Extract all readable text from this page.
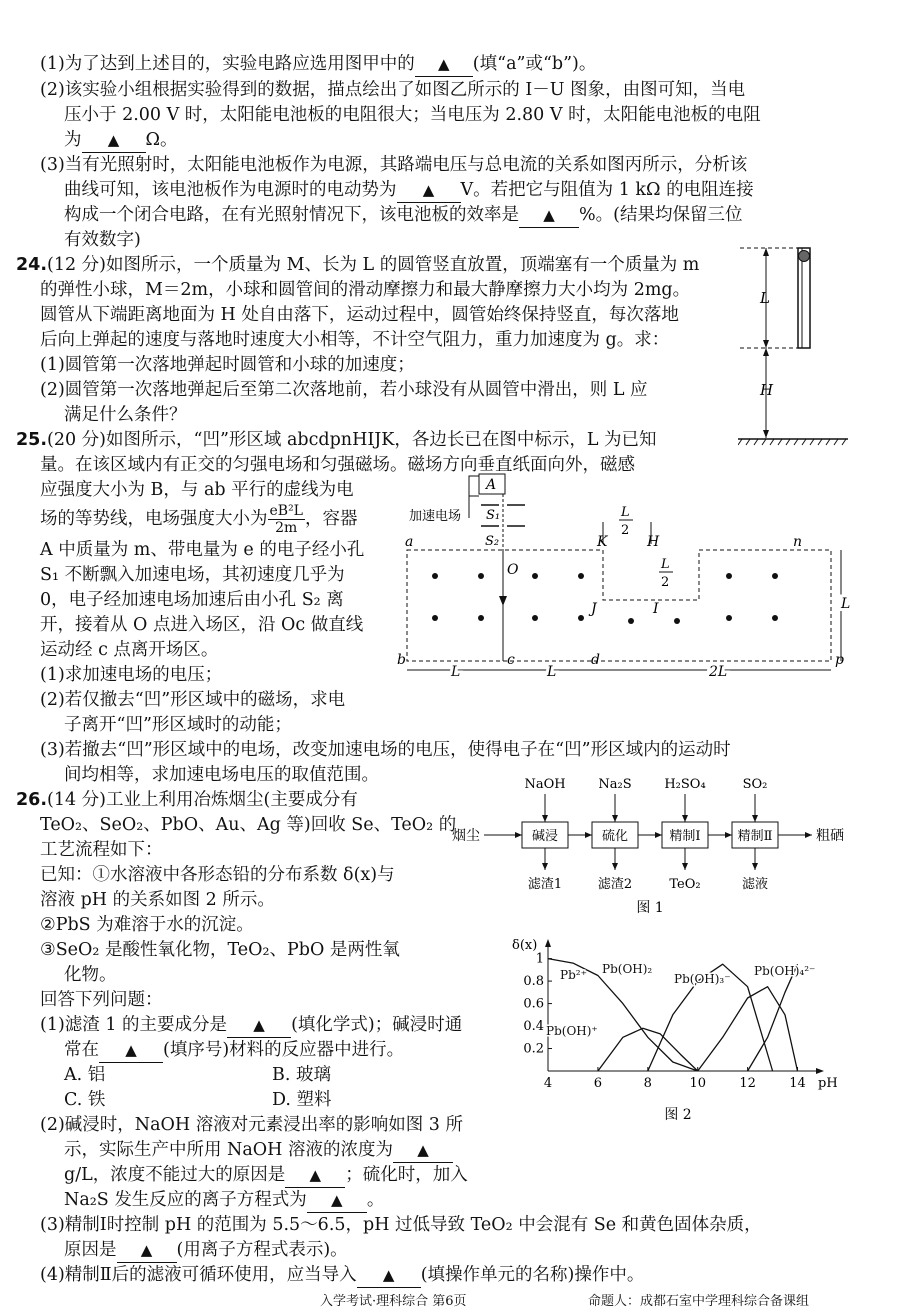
(1)为了达到上述目的，实验电路应选用图甲中的 ▲ (填“a”或“b”)。
(2)该实验小组根据实验得到的数据，描点绘出了如图乙所示的 I－U 图象，由图可知，当电
压小于 2.00 V 时，太阳能电池板的电阻很大；当电压为 2.80 V 时，太阳能电池板的电阻
为 ▲ Ω。
(3)当有光照射时，太阳能电池板作为电源，其路端电压与总电流的关系如图丙所示，分析该
曲线可知，该电池板作为电源时的电动势为 ▲ V。若把它与阻值为 1 kΩ 的电阻连接
构成一个闭合电路，在有光照射情况下，该电池板的效率是 ▲ %。(结果均保留三位
有效数字)
24.(12 分)如图所示，一个质量为 M、长为 L 的圆管竖直放置，顶端塞有一个质量为 m
的弹性小球，M＝2m，小球和圆管间的滑动摩擦力和最大静摩擦力大小均为 2mg。
圆管从下端距离地面为 H 处自由落下，运动过程中，圆管始终保持竖直，每次落地
后向上弹起的速度与落地时速度大小相等，不计空气阻力，重力加速度为 g。求：
(1)圆管第一次落地弹起时圆管和小球的加速度；
(2)圆管第一次落地弹起后至第二次落地前，若小球没有从圆管中滑出，则 L 应
满足什么条件？
25.(20 分)如图所示，“凹”形区域 abcdpnHIJK，各边长已在图中标示，L 为已知
量。在该区域内有正交的匀强电场和匀强磁场。磁场方向垂直纸面向外，磁感
应强度大小为 B，与 ab 平行的虚线为电
A 中质量为 m、带电量为 e 的电子经小孔
S₁ 不断飘入加速电场，其初速度几乎为
0，电子经加速电场加速后由小孔 S₂ 离
开，接着从 O 点进入场区，沿 Oc 做直线
运动经 c 点离开场区。
(1)求加速电场的电压；
(2)若仅撤去“凹”形区域中的磁场，求电
子离开“凹”形区域时的动能；
(3)若撤去“凹”形区域中的电场，改变加速电场的电压，使得电子在“凹”形区域内的运动时
间均相等，求加速电场电压的取值范围。
26.(14 分)工业上利用冶炼烟尘(主要成分有
TeO₂、SeO₂、PbO、Au、Ag 等)回收 Se、TeO₂ 的
工艺流程如下：
已知：①水溶液中各形态铅的分布系数 δ(x)与
溶液 pH 的关系如图 2 所示。
②PbS 为难溶于水的沉淀。
③SeO₂ 是酸性氧化物，TeO₂、PbO 是两性氧
化物。
回答下列问题：
(1)滤渣 1 的主要成分是 ▲ (填化学式)；碱浸时通
常在 ▲ (填序号)材料的反应器中进行。
A. 铝	B. 玻璃
C. 铁	D. 塑料
(2)碱浸时，NaOH 溶液对元素浸出率的影响如图 3 所
示，实际生产中所用 NaOH 溶液的浓度为 ▲
g/L，浓度不能过大的原因是 ▲ ；硫化时，加入
Na₂S 发生反应的离子方程式为 ▲ 。
(3)精制Ⅰ时控制 pH 的范围为 5.5～6.5，pH 过低导致 TeO₂ 中会混有 Se 和黄色固体杂质，
原因是 ▲ (用离子方程式表示)。
(4)精制Ⅱ后的滤液可循环使用，应当导入 ▲ (填操作单元的名称)操作中。
场的等势线，电场强度大小为 $\frac{\text{eB²L}}{2m}$ ，容器
L
H
A
加速电场 S₁
S₂
a
b	c	d	p
n
K	H
I
J
O
L	L	2L
L
L
2
L
2
烟尘	碱浸
NaOH
滤渣1
硫化
Na₂S
滤渣2
精制Ⅰ
H₂SO₄
TeO₂
精制Ⅱ
SO₂
滤液
粗硒
图 1
δ(x)
pH
4	6	8	10	12	14
0.2
0.4
0.6
0.8
1
Pb²⁺
Pb(OH)⁺
Pb(OH)₂
Pb(OH)₃⁻
Pb(OH)₄²⁻
图 2
入学考试·理科综合 第6页	命题人：成都石室中学理科综合备课组
